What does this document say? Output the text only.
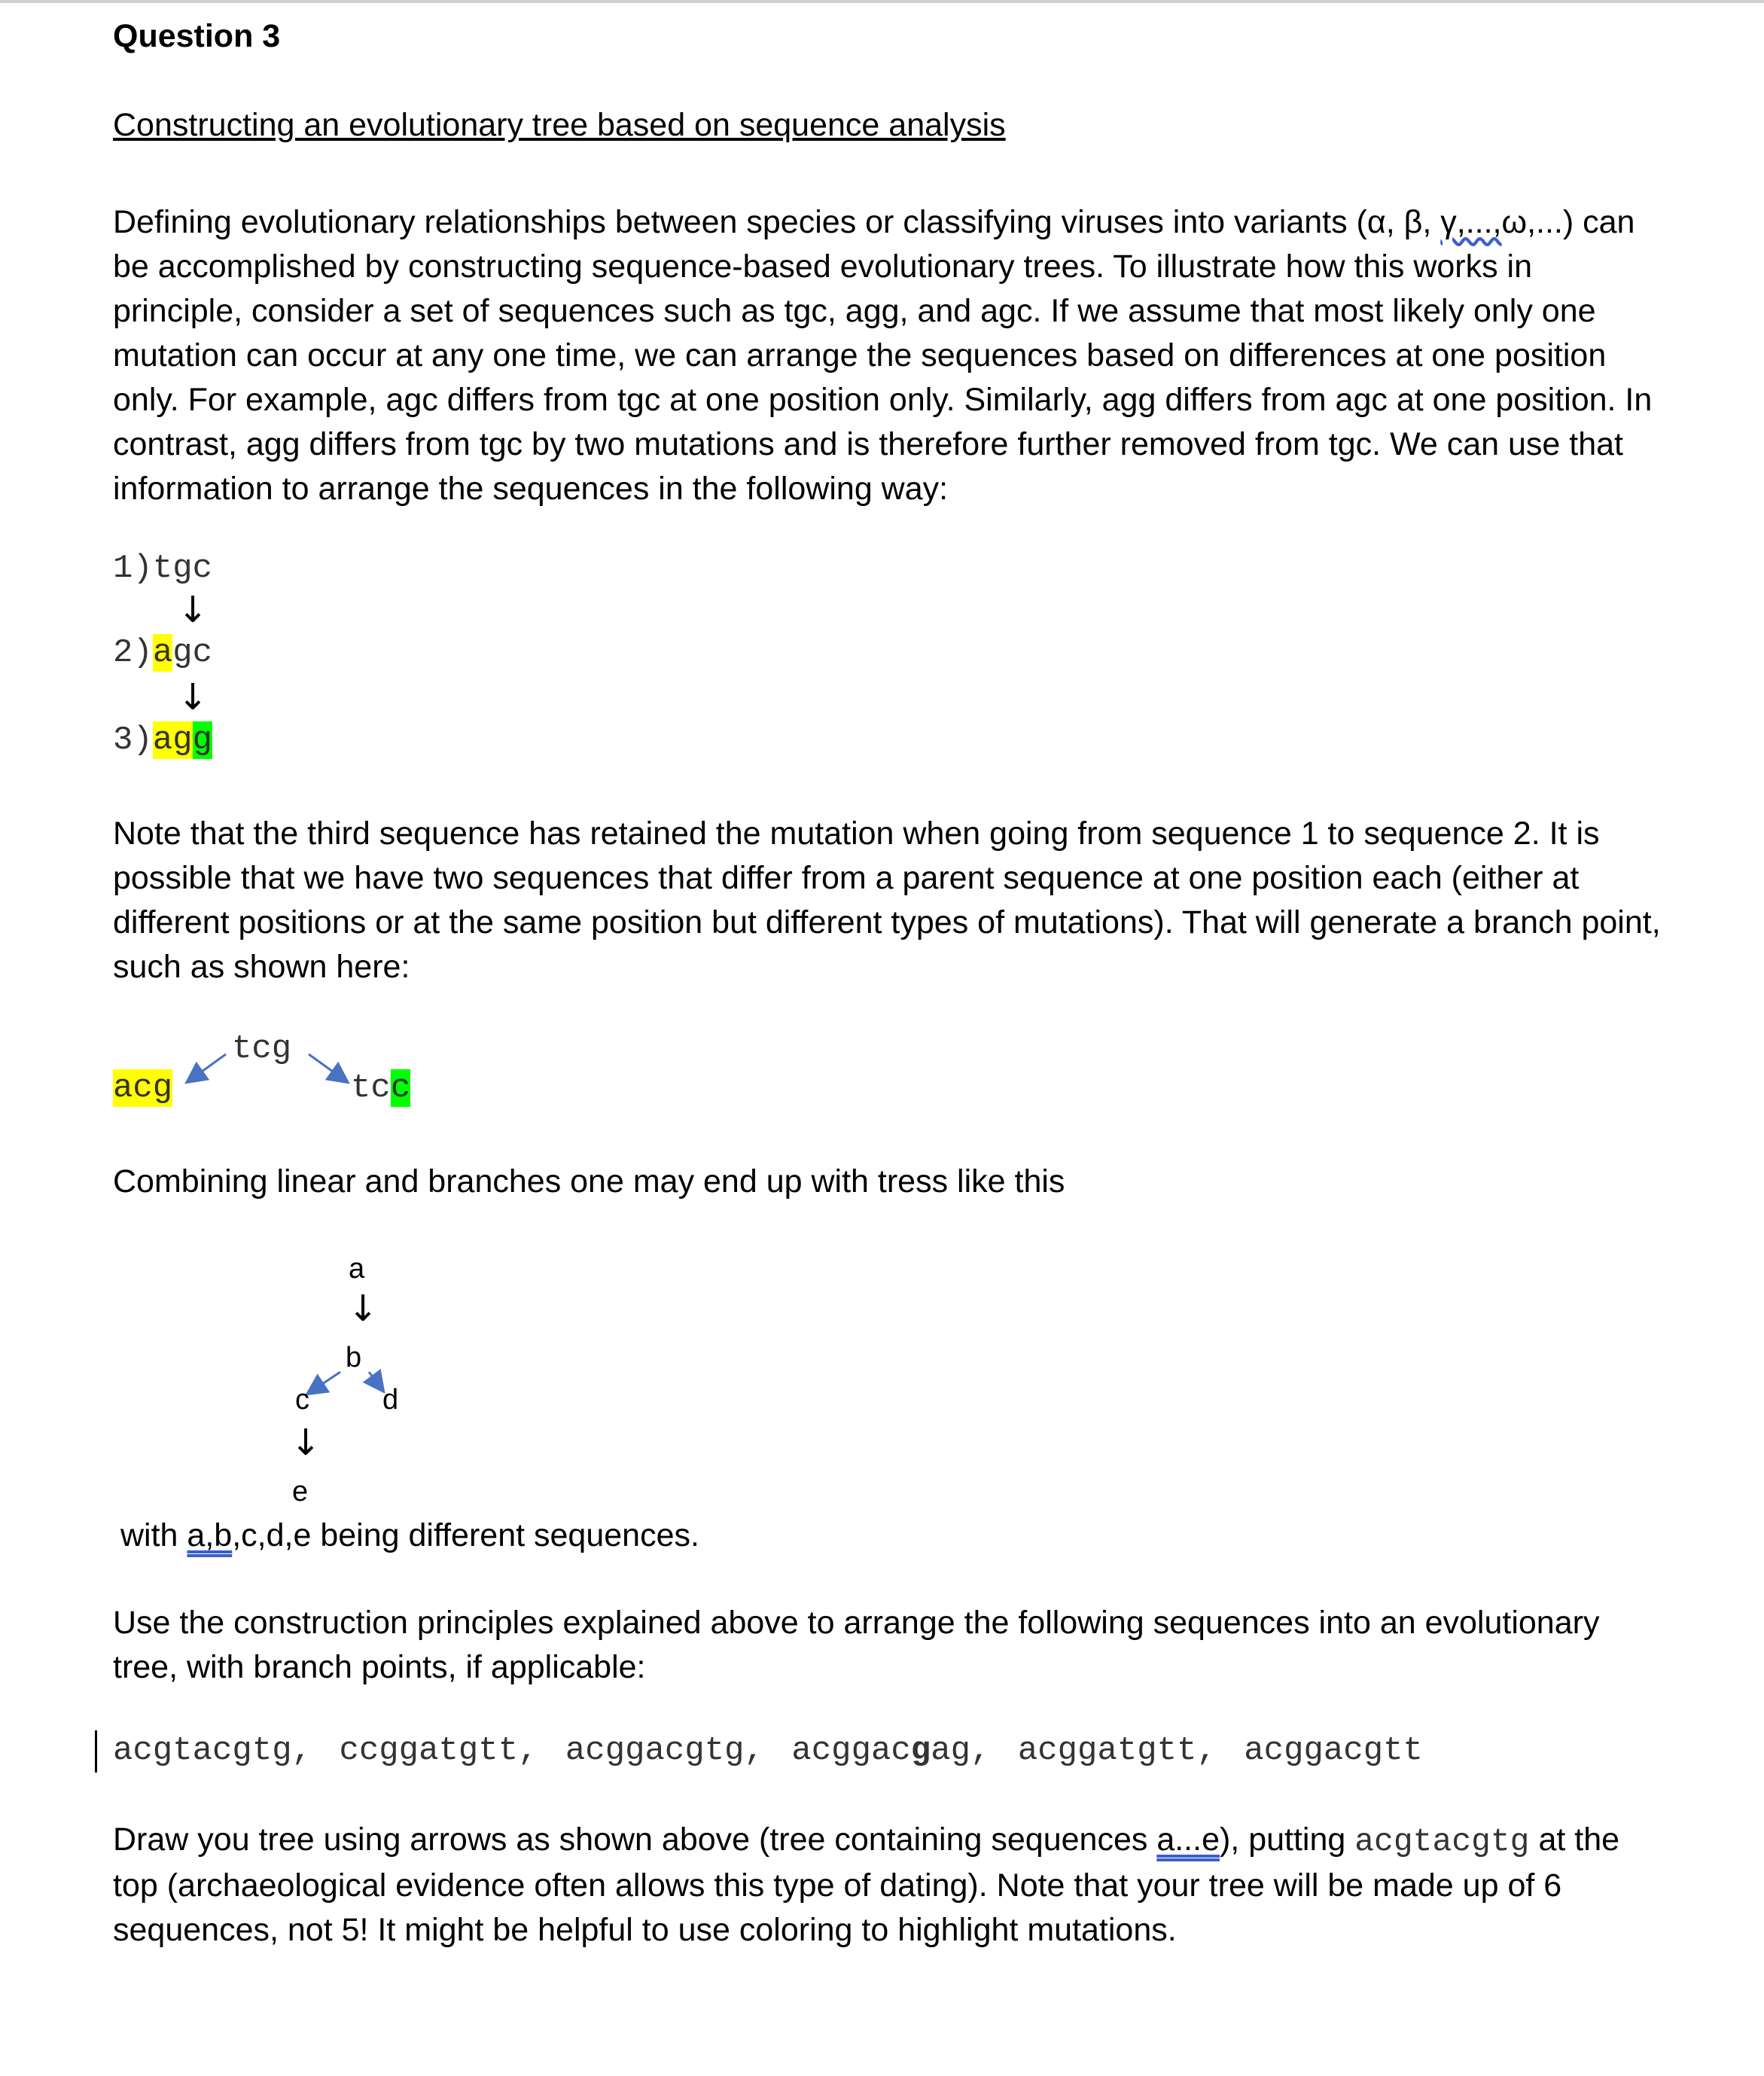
Question 3
Constructing an evolutionary tree based on sequence analysis
Defining evolutionary relationships between species or classifying viruses into variants (α, β, γ,...,ω,...) can be accomplished by constructing sequence-based evolutionary trees. To illustrate how this works in principle, consider a set of sequences such as tgc, agg, and agc. If we assume that most likely only one mutation can occur at any one time, we can arrange the sequences based on differences at one position only. For example, agc differs from tgc at one position only. Similarly, agg differs from agc at one position. In contrast, agg differs from tgc by two mutations and is therefore further removed from tgc. We can use that information to arrange the sequences in the following way:
1)tgc
↓
2)agc
↓
3)agg
Note that the third sequence has retained the mutation when going from sequence 1 to sequence 2. It is possible that we have two sequences that differ from a parent sequence at one position each (either at different positions or at the same position but different types of mutations). That will generate a branch point, such as shown here:
tcg
acg	tcc
Combining linear and branches one may end up with tress like this
a
↓
b
c	d
↓
e
with a,b,c,d,e being different sequences.
Use the construction principles explained above to arrange the following sequences into an evolutionary tree, with branch points, if applicable:
acgtacgtg, ccggatgtt, acggacgtg, acggacgag, acggatgtt, acggacgtt
Draw you tree using arrows as shown above (tree containing sequences a...e), putting acgtacgtg at the top (archaeological evidence often allows this type of dating). Note that your tree will be made up of 6 sequences, not 5! It might be helpful to use coloring to highlight mutations.
